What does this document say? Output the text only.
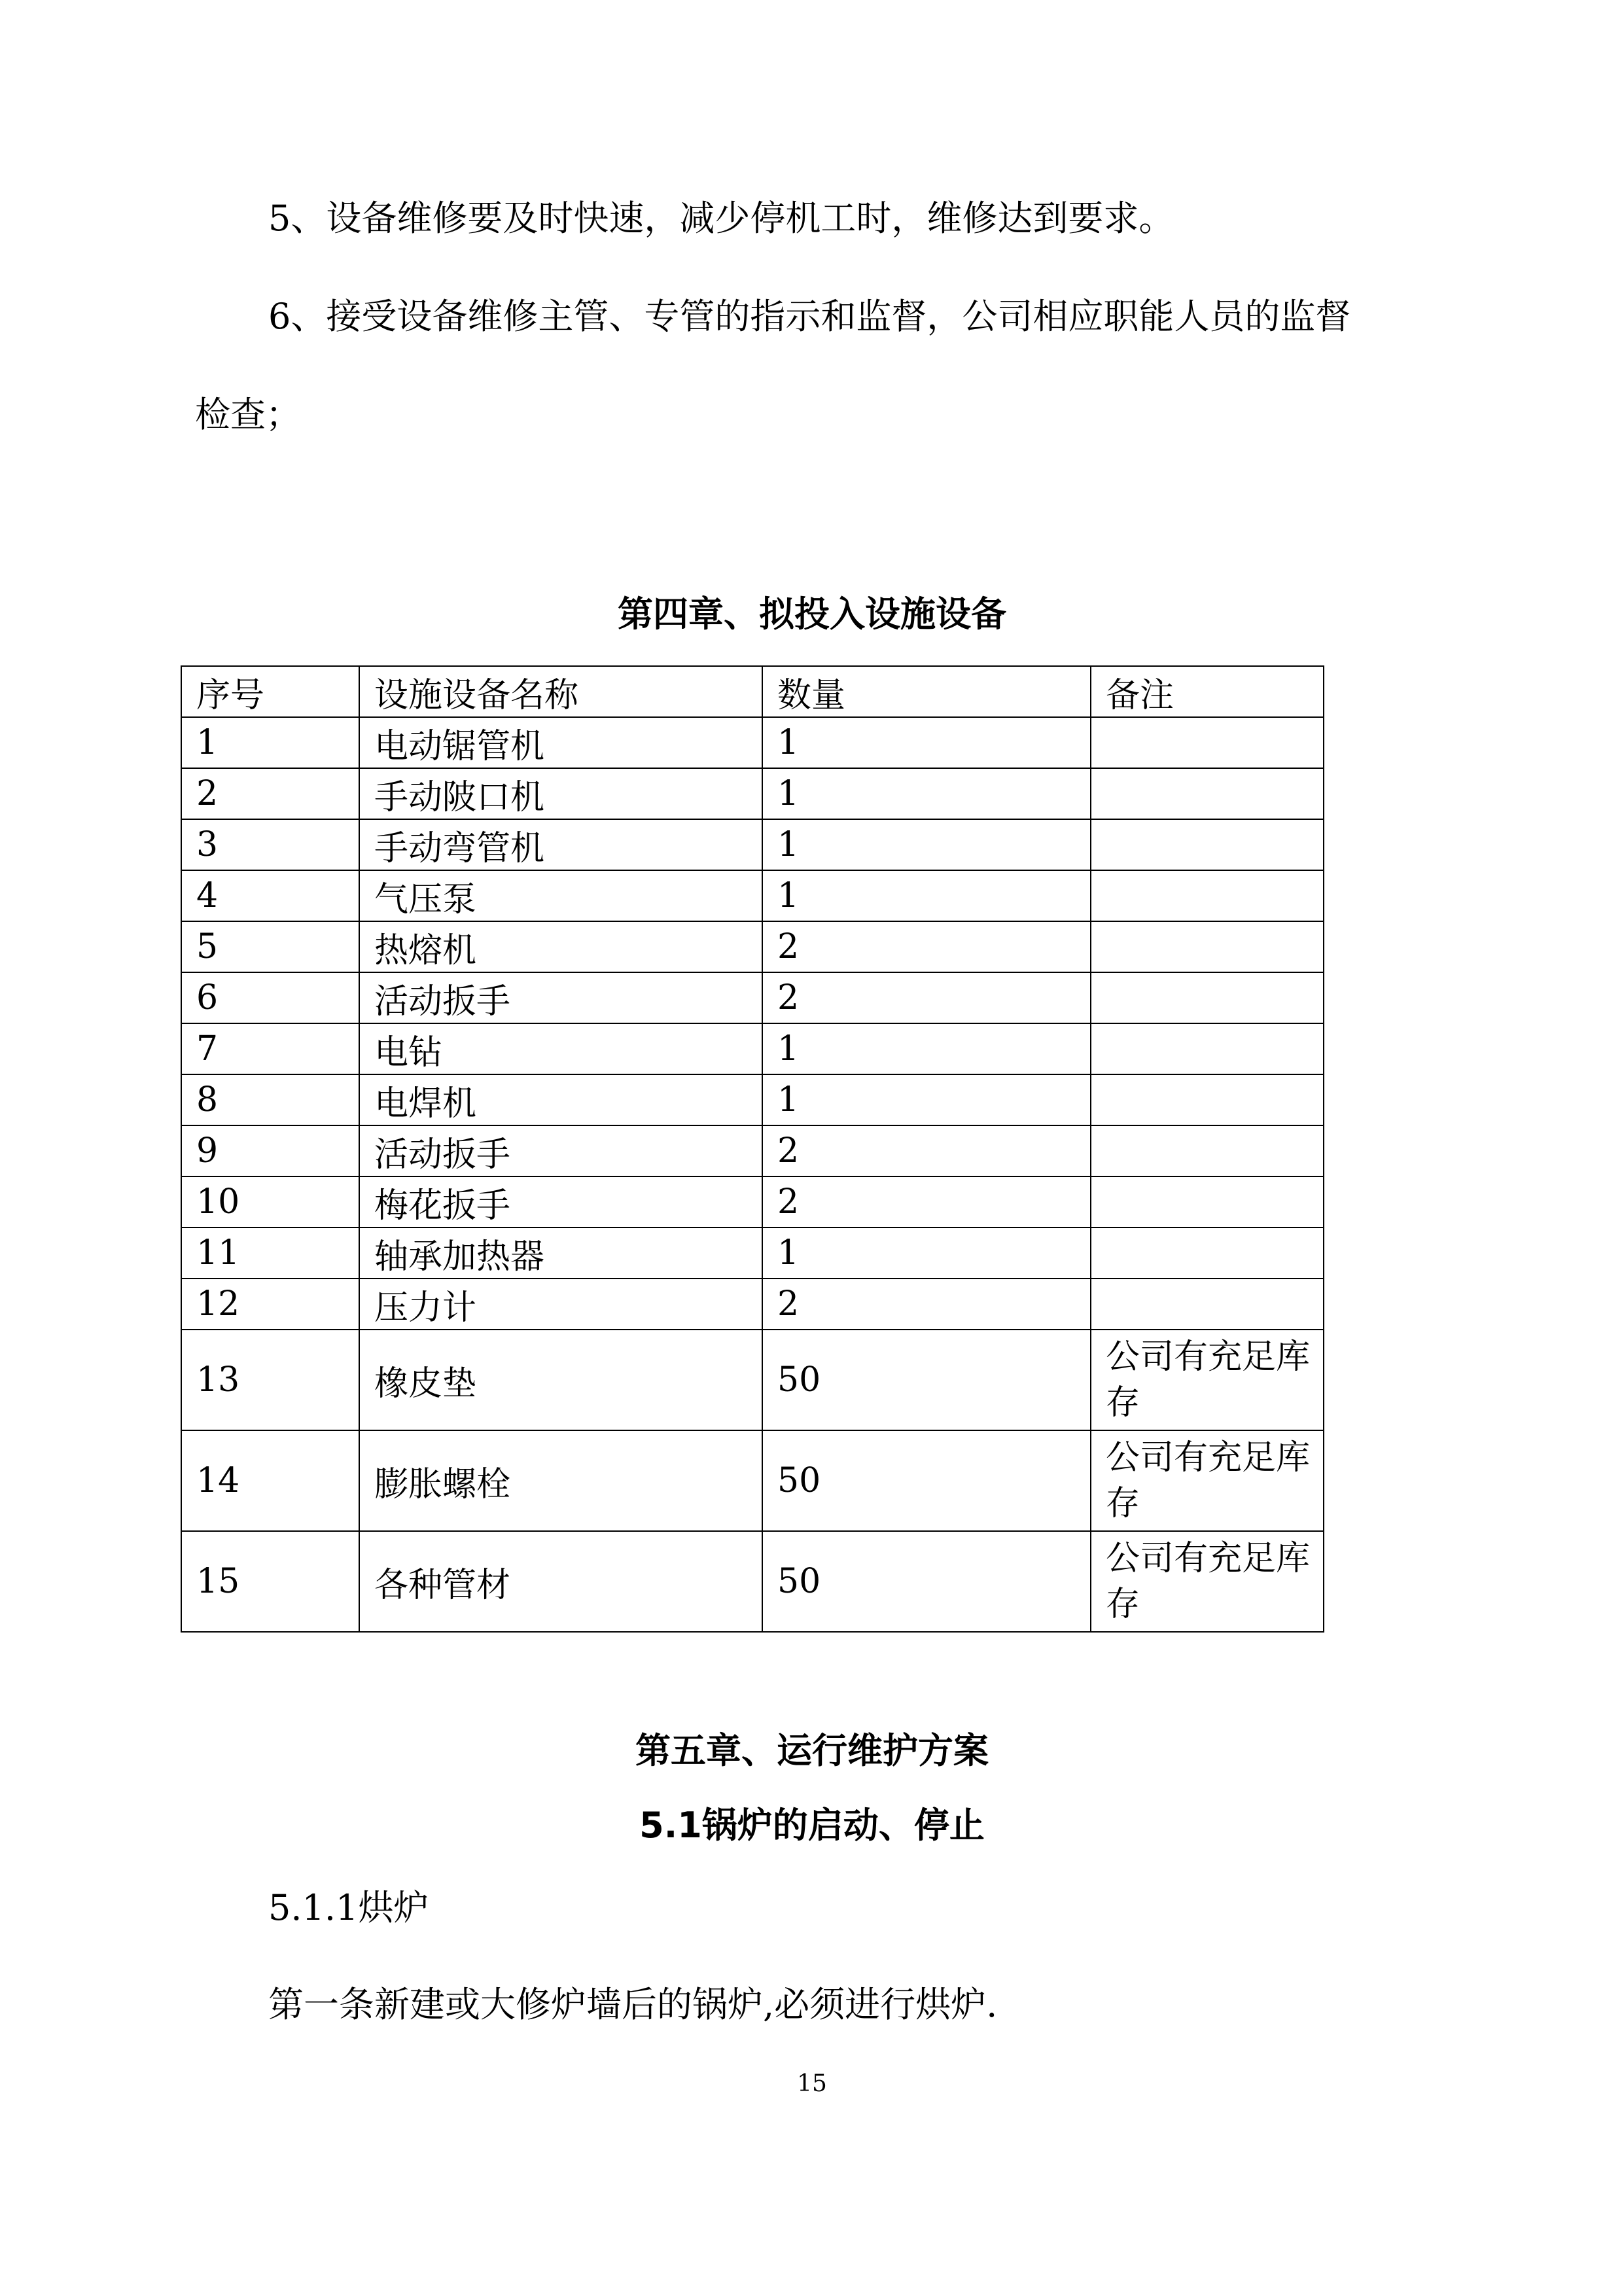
5、设备维修要及时快速，减少停机工时，维修达到要求。
6、接受设备维修主管、专管的指示和监督，公司相应职能人员的监督
检查；
第四章、拟投入设施设备
序号	设施设备名称	数量	备注
1	电动锯管机	1	
2	手动陂口机	1	
3	手动弯管机	1	
4	气压泵	1	
5	热熔机	2	
6	活动扳手	2	
7	电钻	1	
8	电焊机	1	
9	活动扳手	2	
10	梅花扳手	2	
11	轴承加热器	1	
12	压力计	2	
13	橡皮垫	50	公司有充足库存
14	膨胀螺栓	50	公司有充足库存
15	各种管材	50	公司有充足库存
第五章、运行维护方案
5.1锅炉的启动、停止
5.1.1烘炉
第一条新建或大修炉墙后的锅炉,必须进行烘炉.
15
